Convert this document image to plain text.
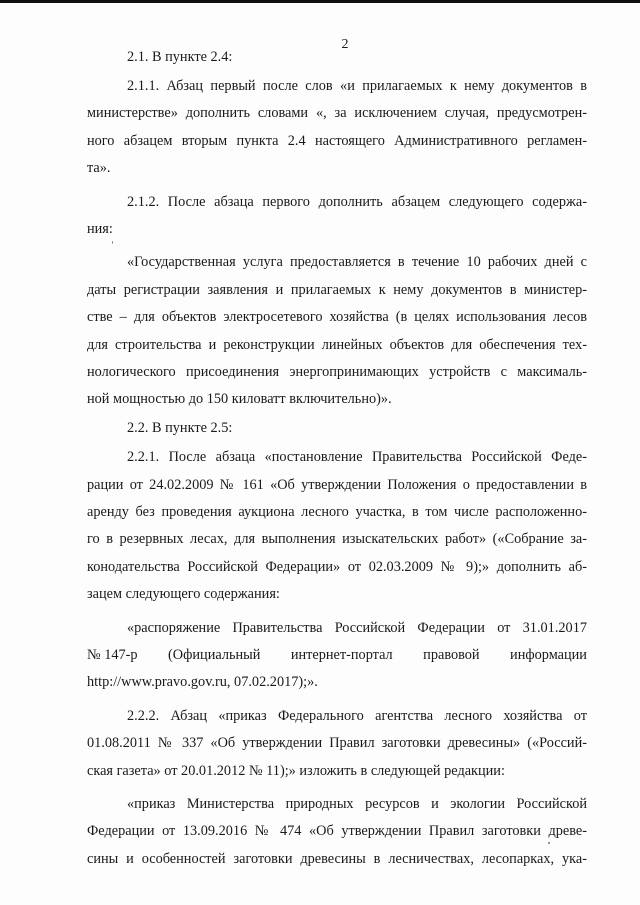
2
2.1. В пункте 2.4:
2.1.1. Абзац первый после слов «и прилагаемых к нему документов в
министерстве» дополнить словами «, за исключением случая, предусмотрен-
ного абзацем вторым пункта 2.4 настоящего Административного регламен-
та».
2.1.2. После абзаца первого дополнить абзацем следующего содержа-
ния:
«Государственная услуга предоставляется в течение 10 рабочих дней с
даты регистрации заявления и прилагаемых к нему документов в министер-
стве – для объектов электросетевого хозяйства (в целях использования лесов
для строительства и реконструкции линейных объектов для обеспечения тех-
нологического присоединения энергопринимающих устройств с максималь-
ной мощностью до 150 киловатт включительно)».
2.2. В пункте 2.5:
2.2.1. После абзаца «постановление Правительства Российской Феде-
рации от 24.02.2009 № 161 «Об утверждении Положения о предоставлении в
аренду без проведения аукциона лесного участка, в том числе расположенно-
го в резервных лесах, для выполнения изыскательских работ» («Собрание за-
конодательства Российской Федерации» от 02.03.2009 № 9);» дополнить аб-
зацем следующего содержания:
«распоряжение Правительства Российской Федерации от 31.01.2017
№ 147-р (Официальный интернет-портал правовой информации
http://www.pravo.gov.ru, 07.02.2017);».
2.2.2. Абзац «приказ Федерального агентства лесного хозяйства от
01.08.2011 № 337 «Об утверждении Правил заготовки древесины» («Россий-
ская газета» от 20.01.2012 № 11);» изложить в следующей редакции:
«приказ Министерства природных ресурсов и экологии Российской
Федерации от 13.09.2016 № 474 «Об утверждении Правил заготовки древе-
сины и особенностей заготовки древесины в лесничествах, лесопарках, ука-
